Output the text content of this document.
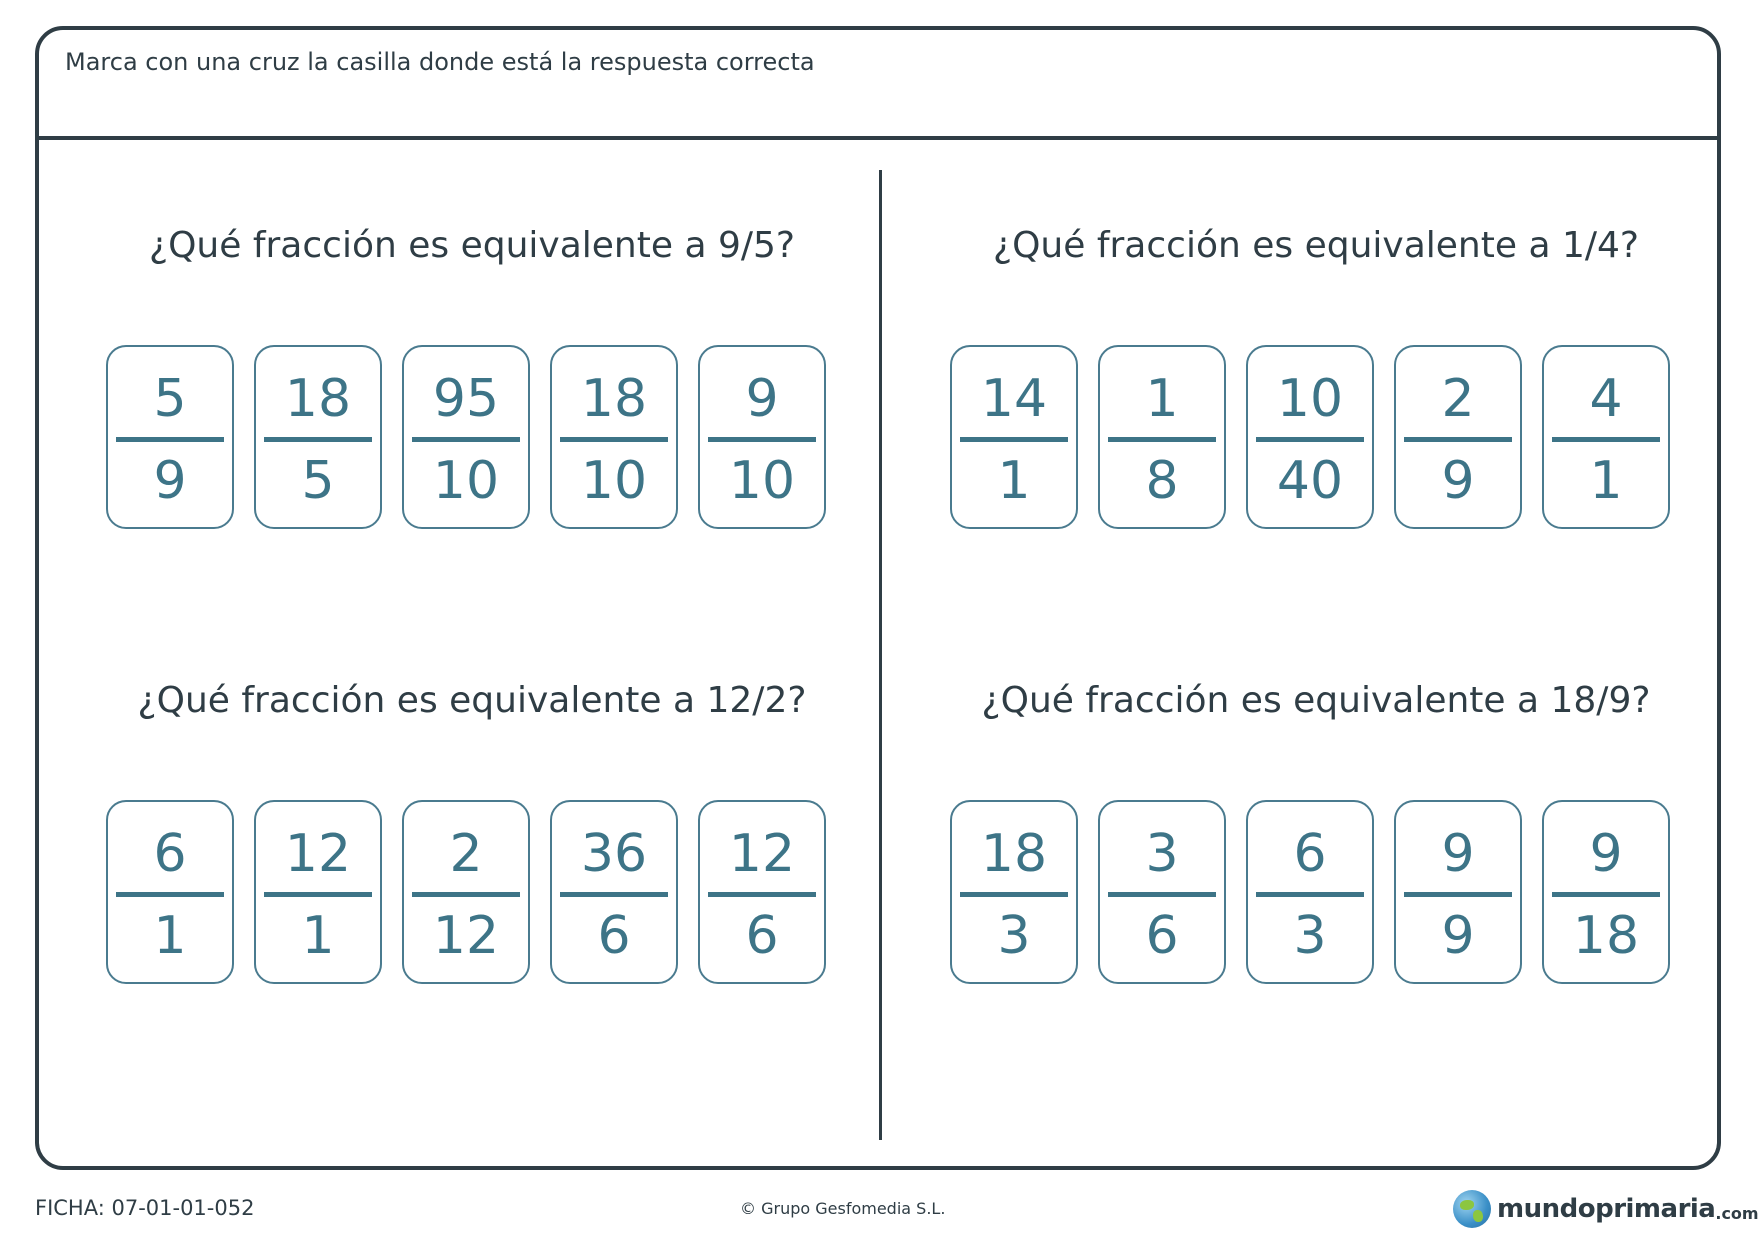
Marca con una cruz la casilla donde está la respuesta correcta
¿Qué fracción es equivalente a 9/5?
5
9
18
5
95
10
18
10
9
10
¿Qué fracción es equivalente a 1/4?
14
1
1
8
10
40
2
9
4
1
¿Qué fracción es equivalente a 12/2?
6
1
12
1
2
12
36
6
12
6
¿Qué fracción es equivalente a 18/9?
18
3
3
6
6
3
9
9
9
18
FICHA: 07-01-01-052	© Grupo Gesfomedia S.L.	mundoprimaria .com
